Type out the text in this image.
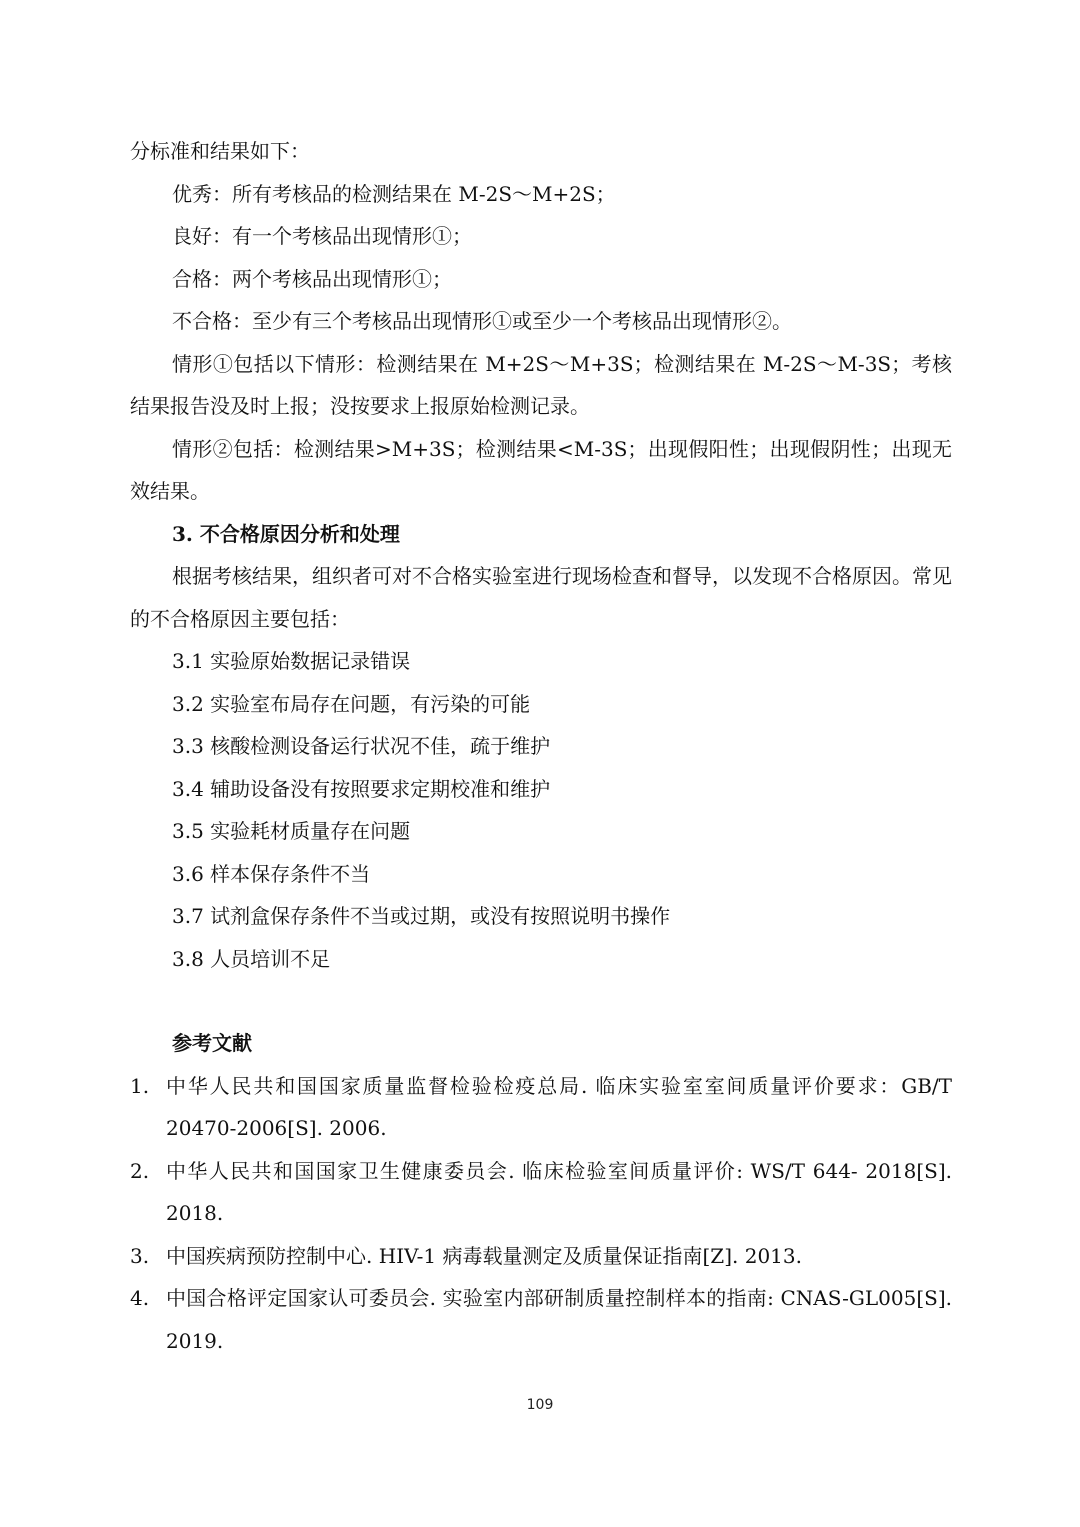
分标准和结果如下：

优秀：所有考核品的检测结果在 M-2S～M+2S；

良好：有一个考核品出现情形①；

合格：两个考核品出现情形①；

不合格：至少有三个考核品出现情形①或至少一个考核品出现情形②。

情形①包括以下情形：检测结果在 M+2S～M+3S；检测结果在 M-2S～M-3S；考核结果报告没及时上报；没按要求上报原始检测记录。

情形②包括：检测结果>M+3S；检测结果<M-3S；出现假阳性；出现假阴性；出现无效结果。

3. 不合格原因分析和处理

根据考核结果，组织者可对不合格实验室进行现场检查和督导，以发现不合格原因。常见的不合格原因主要包括：

3.1 实验原始数据记录错误

3.2 实验室布局存在问题，有污染的可能

3.3 核酸检测设备运行状况不佳，疏于维护

3.4 辅助设备没有按照要求定期校准和维护

3.5 实验耗材质量存在问题

3.6 样本保存条件不当

3.7 试剂盒保存条件不当或过期，或没有按照说明书操作

3.8 人员培训不足

参考文献

1. 中华人民共和国国家质量监督检验检疫总局. 临床实验室室间质量评价要求：GB/T 20470-2006[S]. 2006.
2. 中华人民共和国国家卫生健康委员会. 临床检验室间质量评价: WS/T 644- 2018[S]. 2018.
3. 中国疾病预防控制中心. HIV-1 病毒载量测定及质量保证指南[Z]. 2013.
4. 中国合格评定国家认可委员会. 实验室内部研制质量控制样本的指南: CNAS-GL005[S]. 2019.
109
